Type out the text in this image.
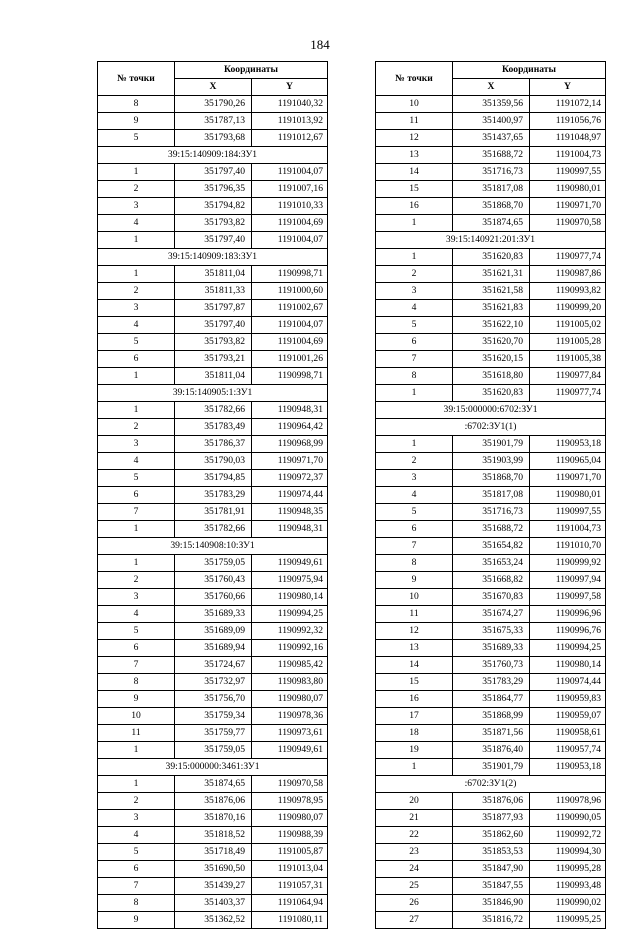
184
№ точки	Координаты	
	X	Y
8	351790,26	1191040,32
9	351787,13	1191013,92
5	351793,68	1191012,67
39:15:140909:184:ЗУ1		
1	351797,40	1191004,07
2	351796,35	1191007,16
3	351794,82	1191010,33
4	351793,82	1191004,69
1	351797,40	1191004,07
39:15:140909:183:ЗУ1		
1	351811,04	1190998,71
2	351811,33	1191000,60
3	351797,87	1191002,67
4	351797,40	1191004,07
5	351793,82	1191004,69
6	351793,21	1191001,26
1	351811,04	1190998,71
39:15:140905:1:ЗУ1		
1	351782,66	1190948,31
2	351783,49	1190964,42
3	351786,37	1190968,99
4	351790,03	1190971,70
5	351794,85	1190972,37
6	351783,29	1190974,44
7	351781,91	1190948,35
1	351782,66	1190948,31
39:15:140908:10:ЗУ1		
1	351759,05	1190949,61
2	351760,43	1190975,94
3	351760,66	1190980,14
4	351689,33	1190994,25
5	351689,09	1190992,32
6	351689,94	1190992,16
7	351724,67	1190985,42
8	351732,97	1190983,80
9	351756,70	1190980,07
10	351759,34	1190978,36
11	351759,77	1190973,61
1	351759,05	1190949,61
39:15:000000:3461:ЗУ1		
1	351874,65	1190970,58
2	351876,06	1190978,95
3	351870,16	1190980,07
4	351818,52	1190988,39
5	351718,49	1191005,87
6	351690,50	1191013,04
7	351439,27	1191057,31
8	351403,37	1191064,94
9	351362,52	1191080,11
№ точки	Координаты	
	X	Y
10	351359,56	1191072,14
11	351400,97	1191056,76
12	351437,65	1191048,97
13	351688,72	1191004,73
14	351716,73	1190997,55
15	351817,08	1190980,01
16	351868,70	1190971,70
1	351874,65	1190970,58
39:15:140921:201:ЗУ1		
1	351620,83	1190977,74
2	351621,31	1190987,86
3	351621,58	1190993,82
4	351621,83	1190999,20
5	351622,10	1191005,02
6	351620,70	1191005,28
7	351620,15	1191005,38
8	351618,80	1190977,84
1	351620,83	1190977,74
39:15:000000:6702:ЗУ1		
:6702:ЗУ1(1)		
1	351901,79	1190953,18
2	351903,99	1190965,04
3	351868,70	1190971,70
4	351817,08	1190980,01
5	351716,73	1190997,55
6	351688,72	1191004,73
7	351654,82	1191010,70
8	351653,24	1190999,92
9	351668,82	1190997,94
10	351670,83	1190997,58
11	351674,27	1190996,96
12	351675,33	1190996,76
13	351689,33	1190994,25
14	351760,73	1190980,14
15	351783,29	1190974,44
16	351864,77	1190959,83
17	351868,99	1190959,07
18	351871,56	1190958,61
19	351876,40	1190957,74
1	351901,79	1190953,18
:6702:ЗУ1(2)		
20	351876,06	1190978,96
21	351877,93	1190990,05
22	351862,60	1190992,72
23	351853,53	1190994,30
24	351847,90	1190995,28
25	351847,55	1190993,48
26	351846,90	1190990,02
27	351816,72	1190995,25
